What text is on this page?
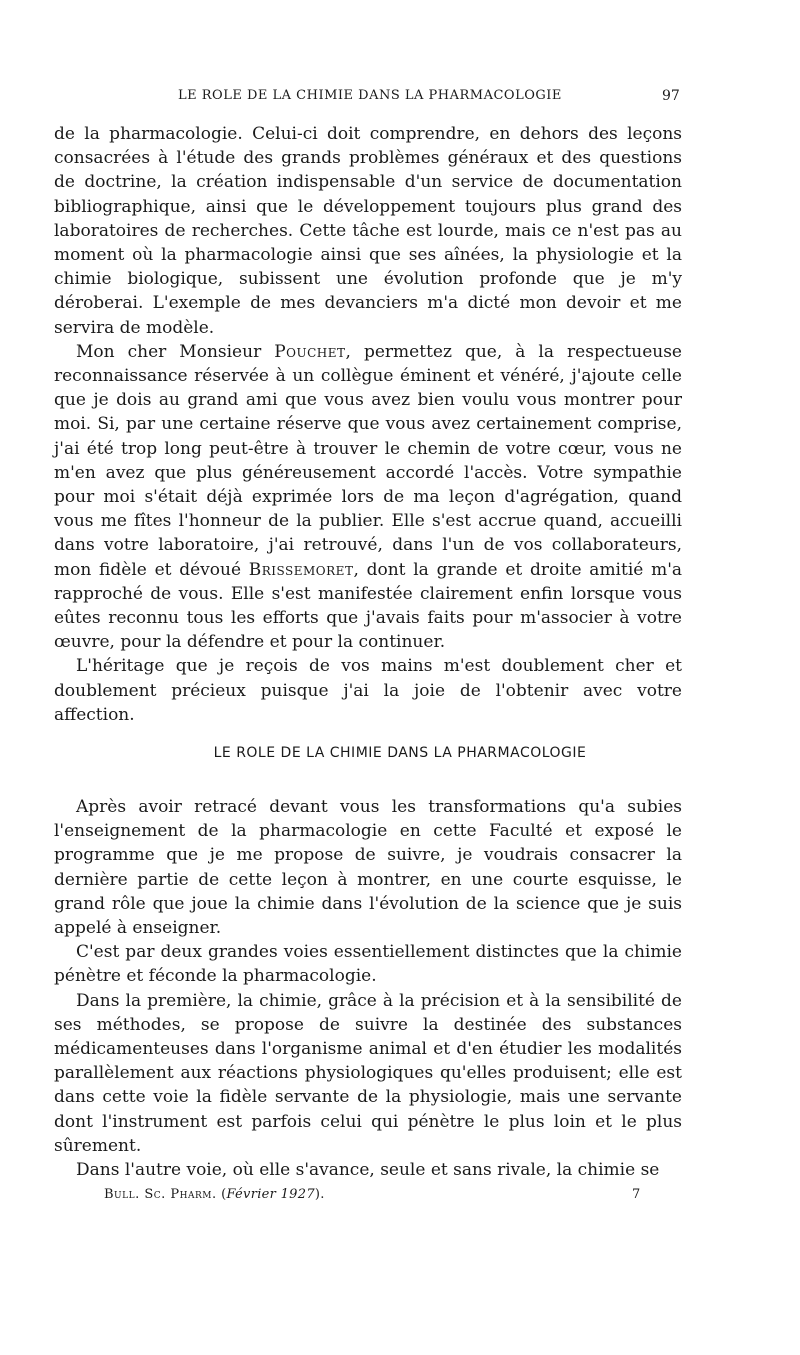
LE ROLE DE LA CHIMIE DANS LA PHARMACOLOGIE	97

de la pharmacologie. Celui-ci doit comprendre, en dehors des leçons consacrées à l'étude des grands problèmes généraux et des questions de doctrine, la création indispensable d'un service de documentation bibliographique, ainsi que le développement toujours plus grand des laboratoires de recherches. Cette tâche est lourde, mais ce n'est pas au moment où la pharmacologie ainsi que ses aînées, la physiologie et la chimie biologique, subissent une évolution profonde que je m'y déroberai. L'exemple de mes devanciers m'a dicté mon devoir et me servira de modèle.

Mon cher Monsieur Pouchet, permettez que, à la respectueuse reconnaissance réservée à un collègue éminent et vénéré, j'ajoute celle que je dois au grand ami que vous avez bien voulu vous montrer pour moi. Si, par une certaine réserve que vous avez certainement comprise, j'ai été trop long peut-être à trouver le chemin de votre cœur, vous ne m'en avez que plus généreusement accordé l'accès. Votre sympathie pour moi s'était déjà exprimée lors de ma leçon d'agrégation, quand vous me fîtes l'honneur de la publier. Elle s'est accrue quand, accueilli dans votre laboratoire, j'ai retrouvé, dans l'un de vos collaborateurs, mon fidèle et dévoué Brissemoret, dont la grande et droite amitié m'a rapproché de vous. Elle s'est manifestée clairement enfin lorsque vous eûtes reconnu tous les efforts que j'avais faits pour m'associer à votre œuvre, pour la défendre et pour la continuer.

L'héritage que je reçois de vos mains m'est doublement cher et doublement précieux puisque j'ai la joie de l'obtenir avec votre affection.

LE ROLE DE LA CHIMIE DANS LA PHARMACOLOGIE

Après avoir retracé devant vous les transformations qu'a subies l'enseignement de la pharmacologie en cette Faculté et exposé le programme que je me propose de suivre, je voudrais consacrer la dernière partie de cette leçon à montrer, en une courte esquisse, le grand rôle que joue la chimie dans l'évolution de la science que je suis appelé à enseigner.

C'est par deux grandes voies essentiellement distinctes que la chimie pénètre et féconde la pharmacologie.

Dans la première, la chimie, grâce à la précision et à la sensibilité de ses méthodes, se propose de suivre la destinée des substances médicamenteuses dans l'organisme animal et d'en étudier les modalités parallèlement aux réactions physiologiques qu'elles produisent; elle est dans cette voie la fidèle servante de la physiologie, mais une servante dont l'instrument est parfois celui qui pénètre le plus loin et le plus sûrement.

Dans l'autre voie, où elle s'avance, seule et sans rivale, la chimie se

Bull. Sc. Pharm. (Février 1927).	7
